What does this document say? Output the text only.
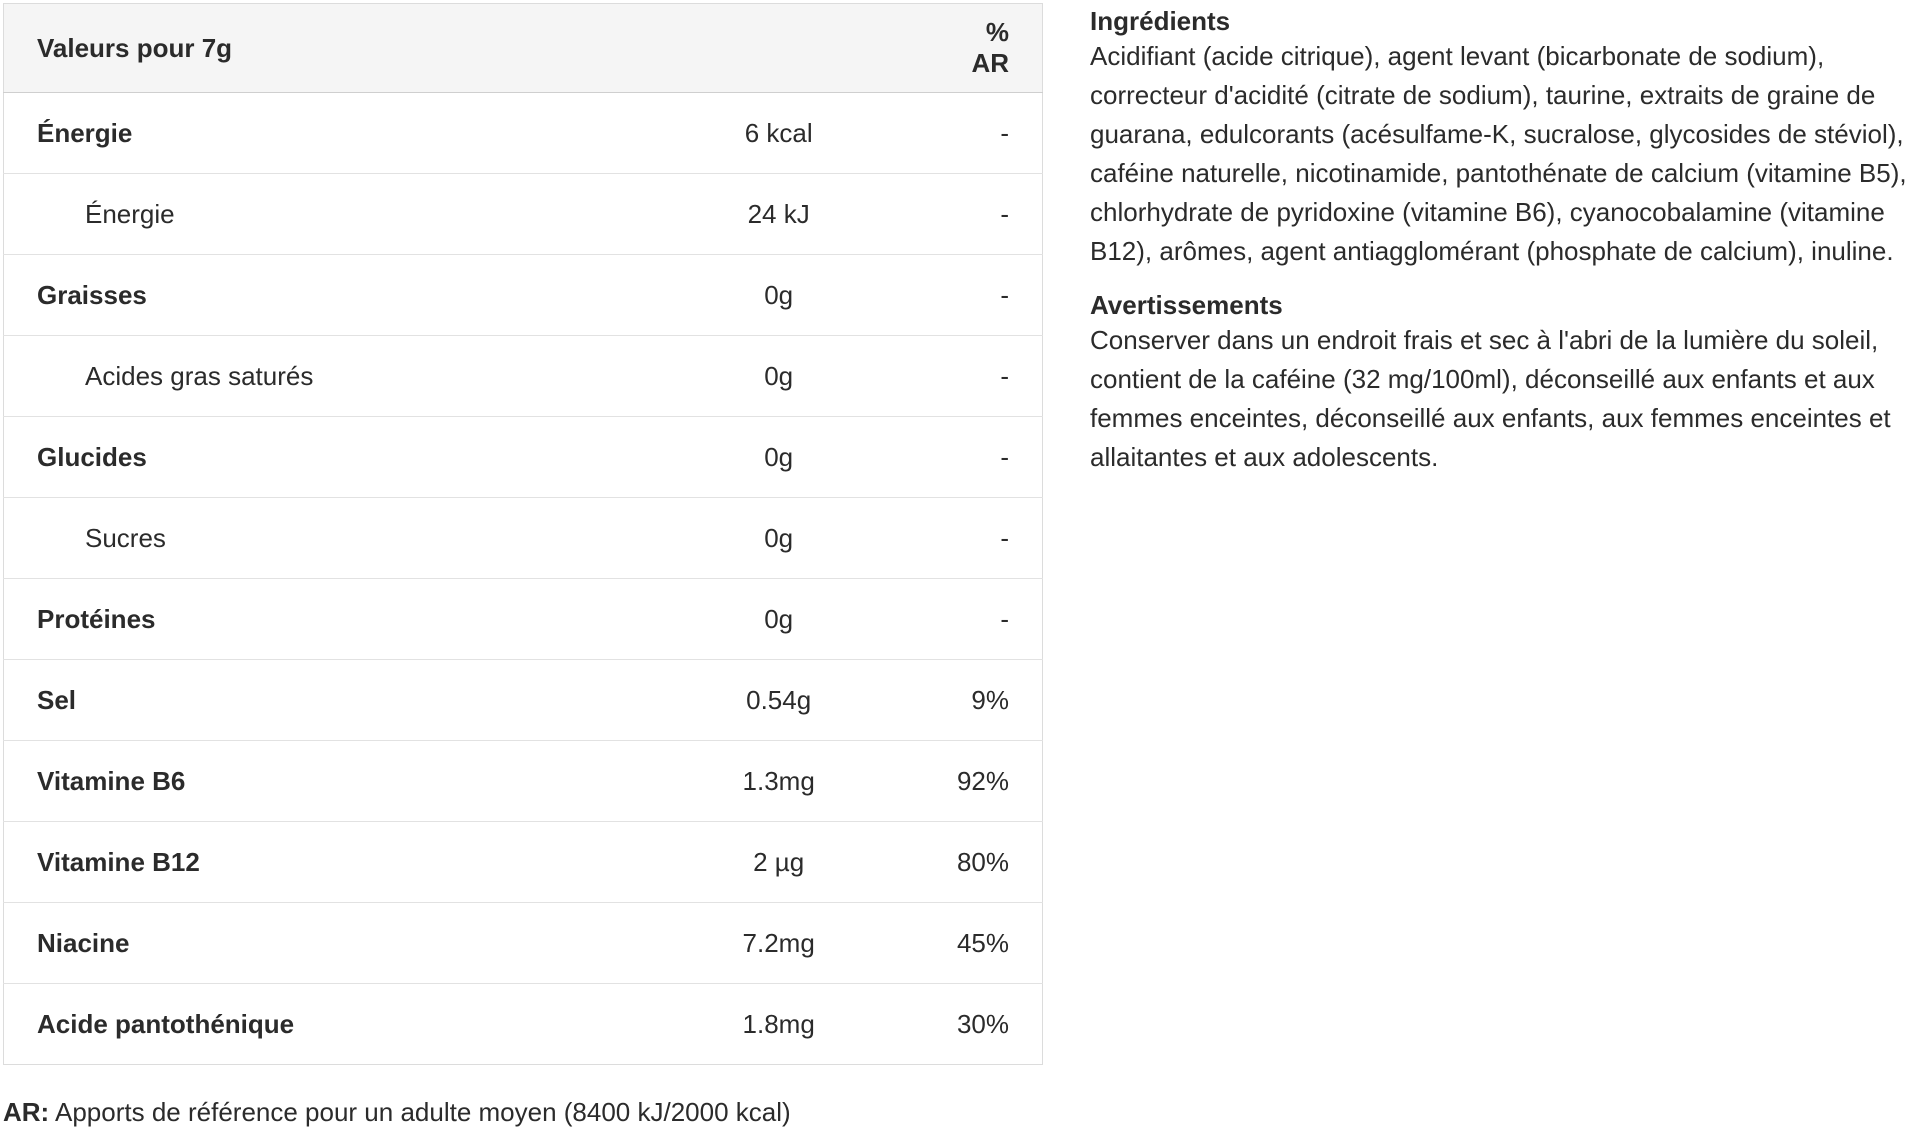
Valeurs pour 7g		% AR
Énergie	6 kcal	-
Énergie	24 kJ	-
Graisses	0g	-
Acides gras saturés	0g	-
Glucides	0g	-
Sucres	0g	-
Protéines	0g	-
Sel	0.54g	9%
Vitamine B6	1.3mg	92%
Vitamine B12	2 µg	80%
Niacine	7.2mg	45%
Acide pantothénique	1.8mg	30%

AR: Apports de référence pour un adulte moyen (8400 kJ/2000 kcal)

Ingrédients

Acidifiant (acide citrique), agent levant (bicarbonate de sodium), correcteur d'acidité (citrate de sodium), taurine, extraits de graine de guarana, edulcorants (acésulfame-K, sucralose, glycosides de stéviol), caféine naturelle, nicotinamide, pantothénate de calcium (vitamine B5), chlorhydrate de pyridoxine (vitamine B6), cyanocobalamine (vitamine B12), arômes, agent antiagglomérant (phosphate de calcium), inuline.

Avertissements

Conserver dans un endroit frais et sec à l'abri de la lumière du soleil, contient de la caféine (32 mg/100ml), déconseillé aux enfants et aux femmes enceintes, déconseillé aux enfants, aux femmes enceintes et allaitantes et aux adolescents.
